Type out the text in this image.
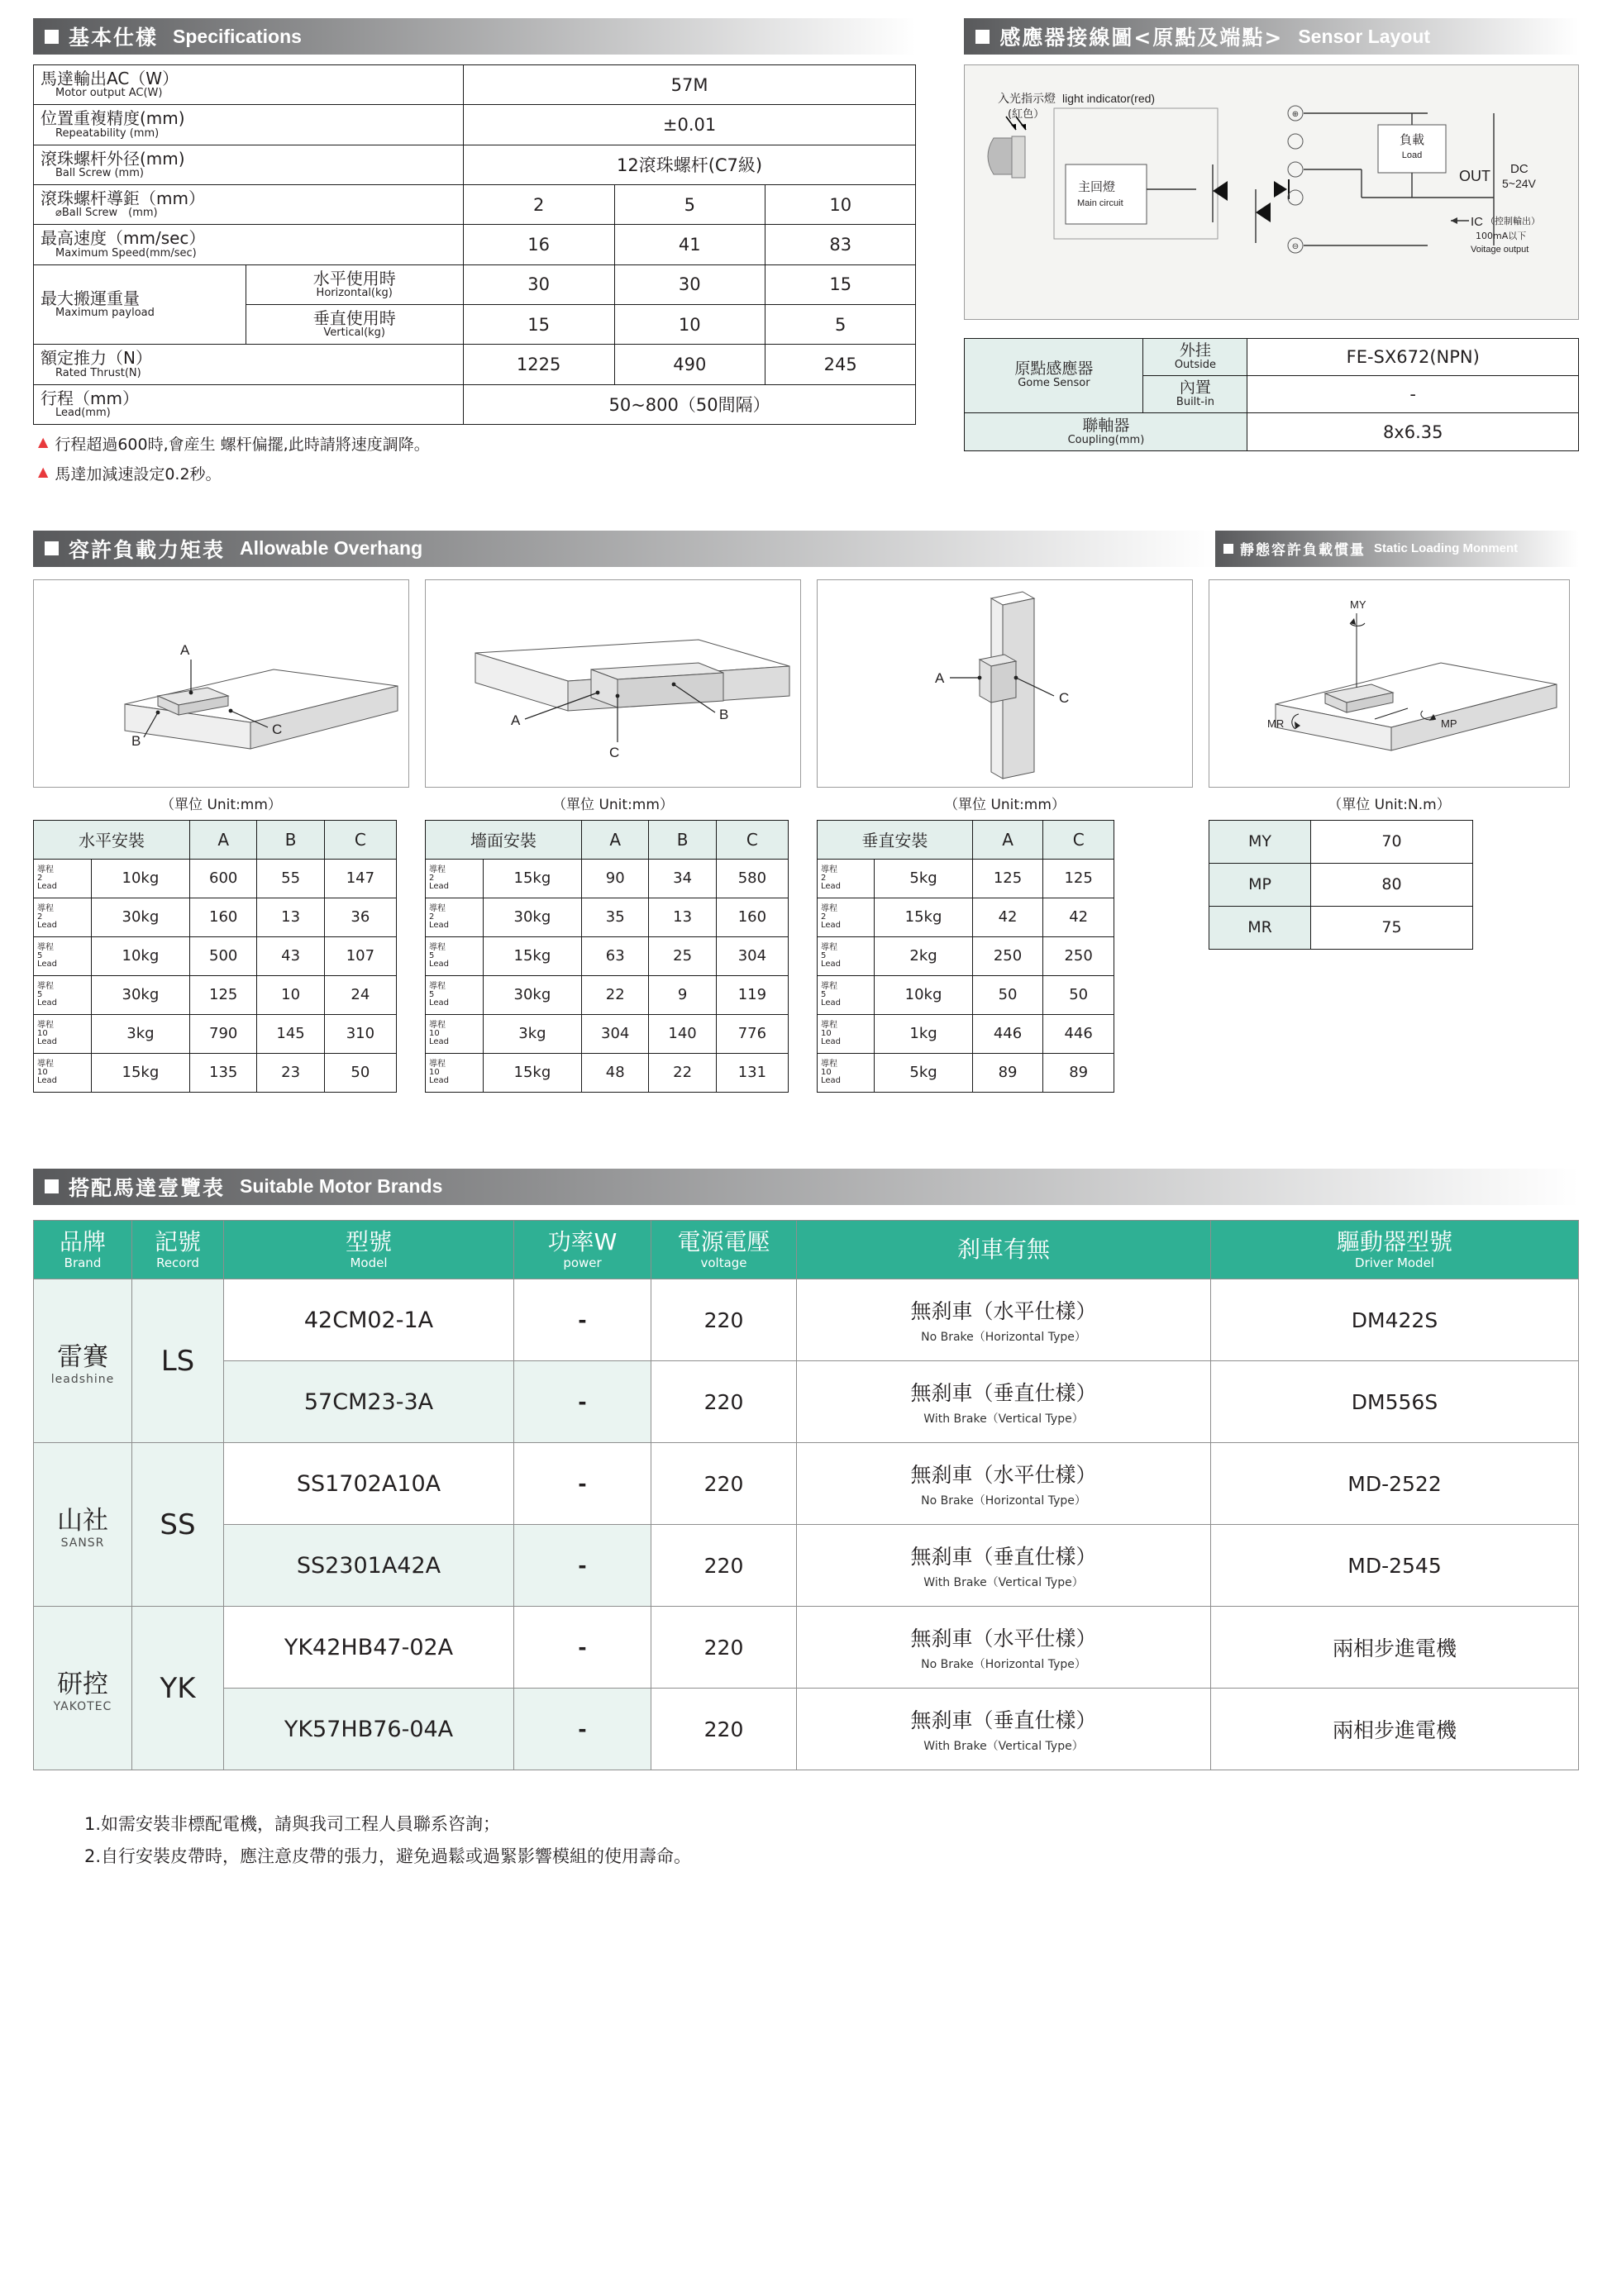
基本仕樣 Specifications
馬達輸出AC（W）
Motor output AC(W)		57M		

位置重複精度(mm)
Repeatability (mm)		±0.01		

滾珠螺杆外径(mm)
Ball Screw (mm)		12滾珠螺杆(C7級)		

滾珠螺杆導鉅（mm）
⌀Ball Screw　(mm)		2	5	10

最高速度（mm/sec）
Maximum Speed(mm/sec)		16	41	83

最大搬運重量
Maximum payload	水平使用時
Horizontal(kg)	30	30	15

	垂直使用時
Vertical(kg)	15	10	5

額定推力（N）
Rated Thrust(N)		1225	490	245

行程（mm）
Lead(mm)		50~800（50間隔）		
▲ 行程超過600時,會産生 螺杆偏擺,此時請將速度調降。
▲ 馬達加減速設定0.2秒。
感應器接線圖<原點及端點> Sensor Layout
⊕
⊖
入光指示燈
(紅色）
light indicator(red)
主回燈
Main circuit
負載
Load
OUT DC
5~24V
IC （控制輸出）
100mA以下
Voitage output
原點感應器
Gome Sensor	外挂
Outside	FE-SX672(NPN)

	內置
Built-in	-

聯軸器
Coupling(mm)		8x6.35
容許負載力矩表 Allowable Overhang	靜態容許負載慣量 Static Loading Monment
A
B
C
（單位 Unit:mm）
水平安裝		A	B	C

導程
2
Lead	10kg	600	55	147

導程
2
Lead	30kg	160	13	36

導程
5
Lead	10kg	500	43	107

導程
5
Lead	30kg	125	10	24

導程
10
Lead	3kg	790	145	310

導程
10
Lead	15kg	135	23	50
A	B
C
（單位 Unit:mm）
墻面安裝		A	B	C

導程
2
Lead	15kg	90	34	580

導程
2
Lead	30kg	35	13	160

導程
5
Lead	15kg	63	25	304

導程
5
Lead	30kg	22	9	119

導程
10
Lead	3kg	304	140	776

導程
10
Lead	15kg	48	22	131
A
C
（單位 Unit:mm）
垂直安裝		A	C

導程
2
Lead	5kg	125	125

導程
2
Lead	15kg	42	42

導程
5
Lead	2kg	250	250

導程
5
Lead	10kg	50	50

導程
10
Lead	1kg	446	446

導程
10
Lead	5kg	89	89
MY
MP
MR
（單位 Unit:N.m）
MY	70
MP	80
MR	75
搭配馬達壹覽表 Suitable Motor Brands
品牌
Brand	記號
Record	型號
Model	功率W
power	電源電壓
voltage	刹車有無	驅動器型號
Driver Model

雷賽
leadshine	LS	42CM02-1A	-	220	無刹車（水平仕樣）
No Brake（Horizontal Type）	DM422S
		57CM23-3A	-	220	無刹車（垂直仕樣）
With Brake（Vertical Type）	DM556S

山社
SANSR	SS	SS1702A10A	-	220	無刹車（水平仕樣）
No Brake（Horizontal Type）	MD-2522
		SS2301A42A	-	220	無刹車（垂直仕樣）
With Brake（Vertical Type）	MD-2545

研控
YAKOTEC	YK	YK42HB47-02A	-	220	無刹車（水平仕樣）
No Brake（Horizontal Type）	兩相步進電機
		YK57HB76-04A	-	220	無刹車（垂直仕樣）
With Brake（Vertical Type）	兩相步進電機
1.如需安裝非標配電機，請與我司工程人員聯系咨詢；
2.自行安裝皮帶時，應注意皮帶的張力，避免過鬆或過緊影響模組的使用壽命。
